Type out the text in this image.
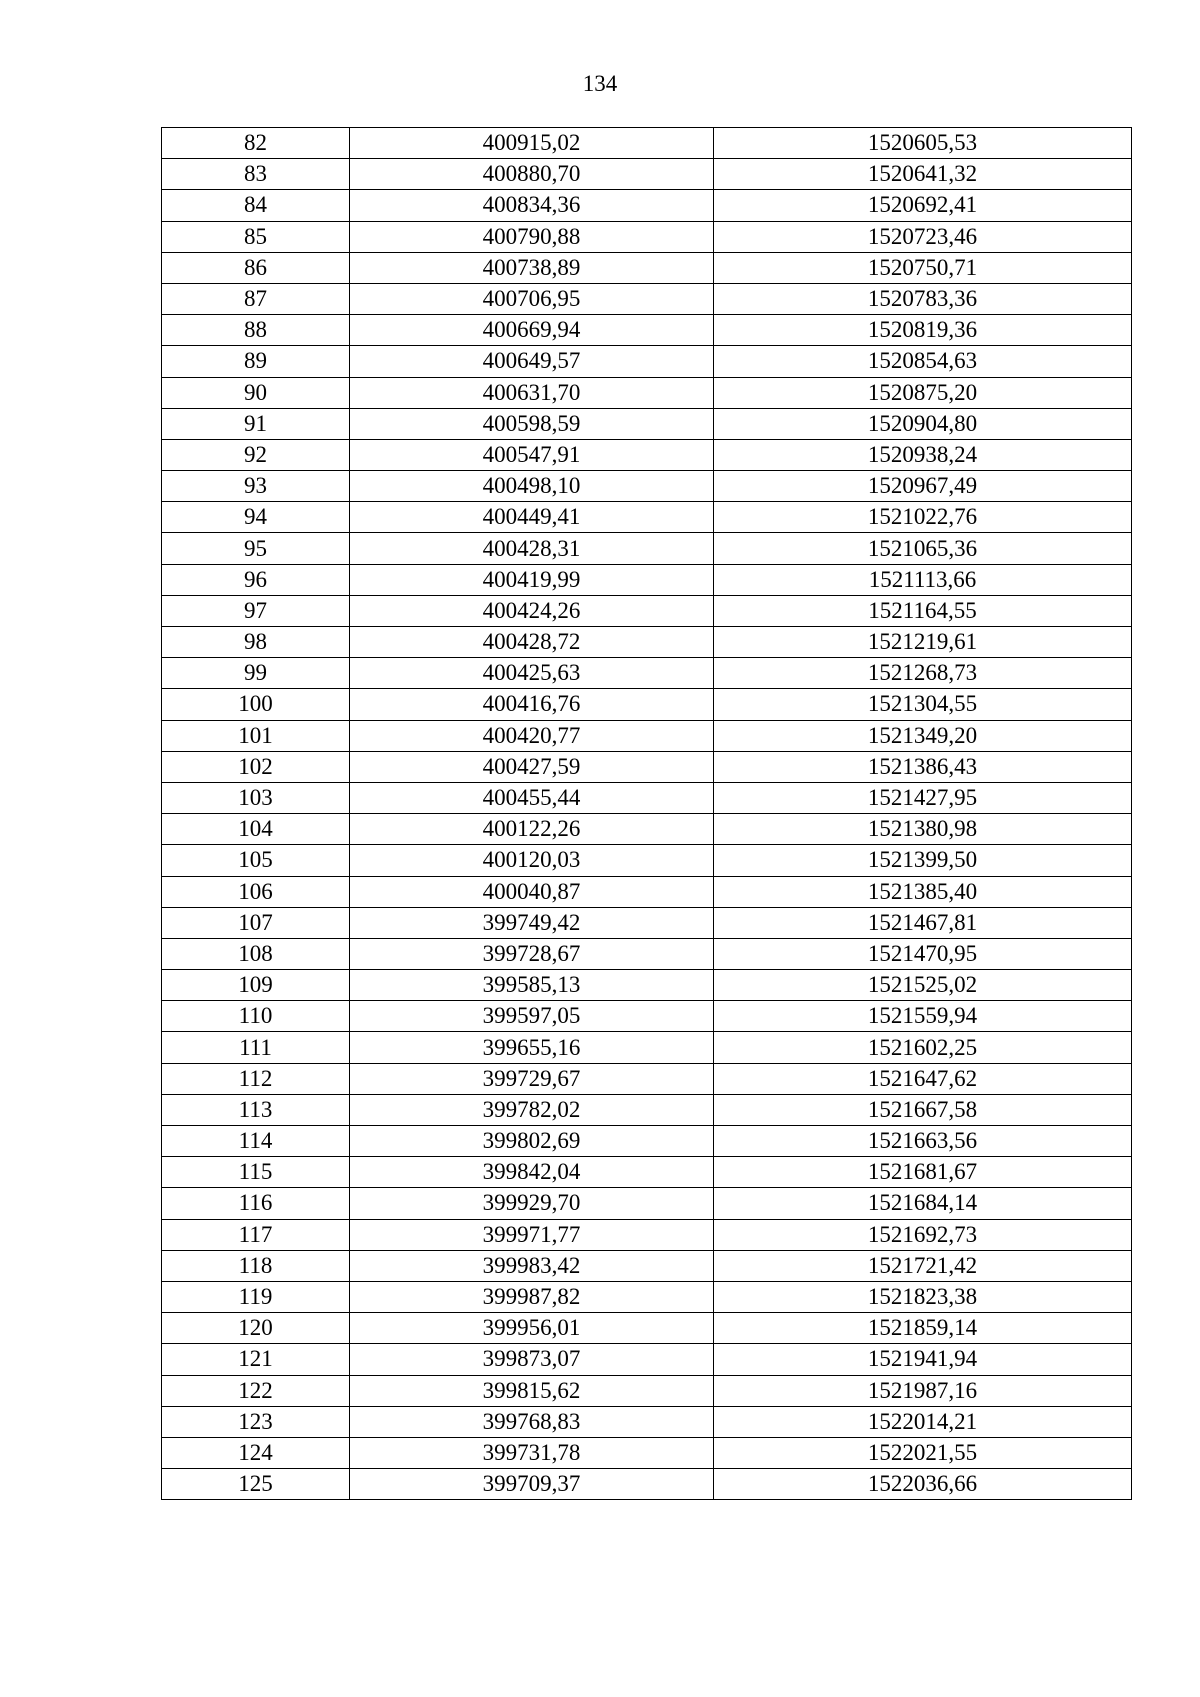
134
82	400915,02	1520605,53
83	400880,70	1520641,32
84	400834,36	1520692,41
85	400790,88	1520723,46
86	400738,89	1520750,71
87	400706,95	1520783,36
88	400669,94	1520819,36
89	400649,57	1520854,63
90	400631,70	1520875,20
91	400598,59	1520904,80
92	400547,91	1520938,24
93	400498,10	1520967,49
94	400449,41	1521022,76
95	400428,31	1521065,36
96	400419,99	1521113,66
97	400424,26	1521164,55
98	400428,72	1521219,61
99	400425,63	1521268,73
100	400416,76	1521304,55
101	400420,77	1521349,20
102	400427,59	1521386,43
103	400455,44	1521427,95
104	400122,26	1521380,98
105	400120,03	1521399,50
106	400040,87	1521385,40
107	399749,42	1521467,81
108	399728,67	1521470,95
109	399585,13	1521525,02
110	399597,05	1521559,94
111	399655,16	1521602,25
112	399729,67	1521647,62
113	399782,02	1521667,58
114	399802,69	1521663,56
115	399842,04	1521681,67
116	399929,70	1521684,14
117	399971,77	1521692,73
118	399983,42	1521721,42
119	399987,82	1521823,38
120	399956,01	1521859,14
121	399873,07	1521941,94
122	399815,62	1521987,16
123	399768,83	1522014,21
124	399731,78	1522021,55
125	399709,37	1522036,66
